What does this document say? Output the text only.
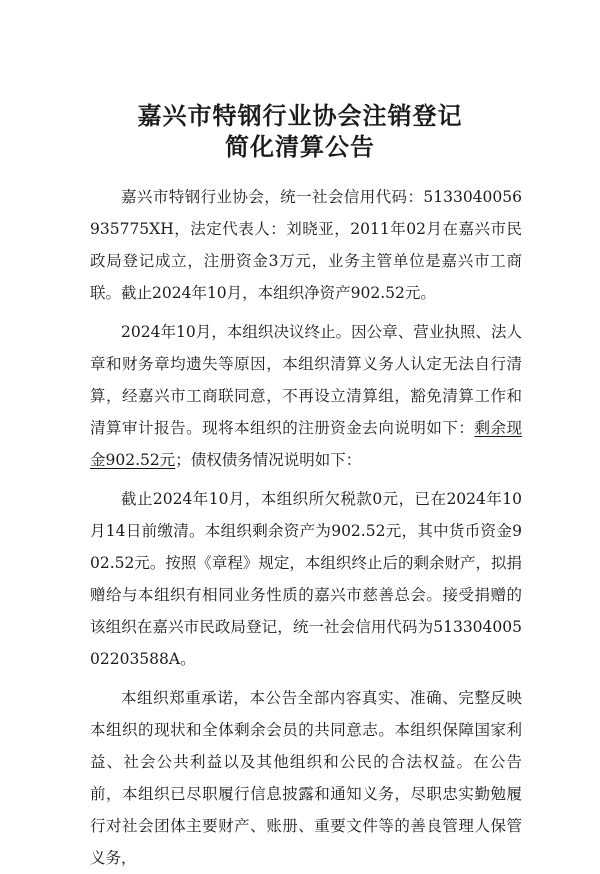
嘉兴市特钢行业协会注销登记
简化清算公告

嘉兴市特钢行业协会，统一社会信用代码：5133040056935775XH，法定代表人：刘晓亚，2011年02月在嘉兴市民政局登记成立，注册资金3万元，业务主管单位是嘉兴市工商联。截止2024年10月，本组织净资产902.52元。

2024年10月，本组织决议终止。因公章、营业执照、法人章和财务章均遗失等原因，本组织清算义务人认定无法自行清算，经嘉兴市工商联同意，不再设立清算组，豁免清算工作和清算审计报告。现将本组织的注册资金去向说明如下：剩余现金902.52元；债权债务情况说明如下：

截止2024年10月，本组织所欠税款0元，已在2024年10月14日前缴清。本组织剩余资产为902.52元，其中货币资金902.52元。按照《章程》规定，本组织终止后的剩余财产，拟捐赠给与本组织有相同业务性质的嘉兴市慈善总会。接受捐赠的该组织在嘉兴市民政局登记，统一社会信用代码为51330400502203588A。

本组织郑重承诺，本公告全部内容真实、准确、完整反映本组织的现状和全体剩余会员的共同意志。本组织保障国家利益、社会公共利益以及其他组织和公民的合法权益。在公告前，本组织已尽职履行信息披露和通知义务，尽职忠实勤勉履行对社会团体主要财产、账册、重要文件等的善良管理人保管义务，
